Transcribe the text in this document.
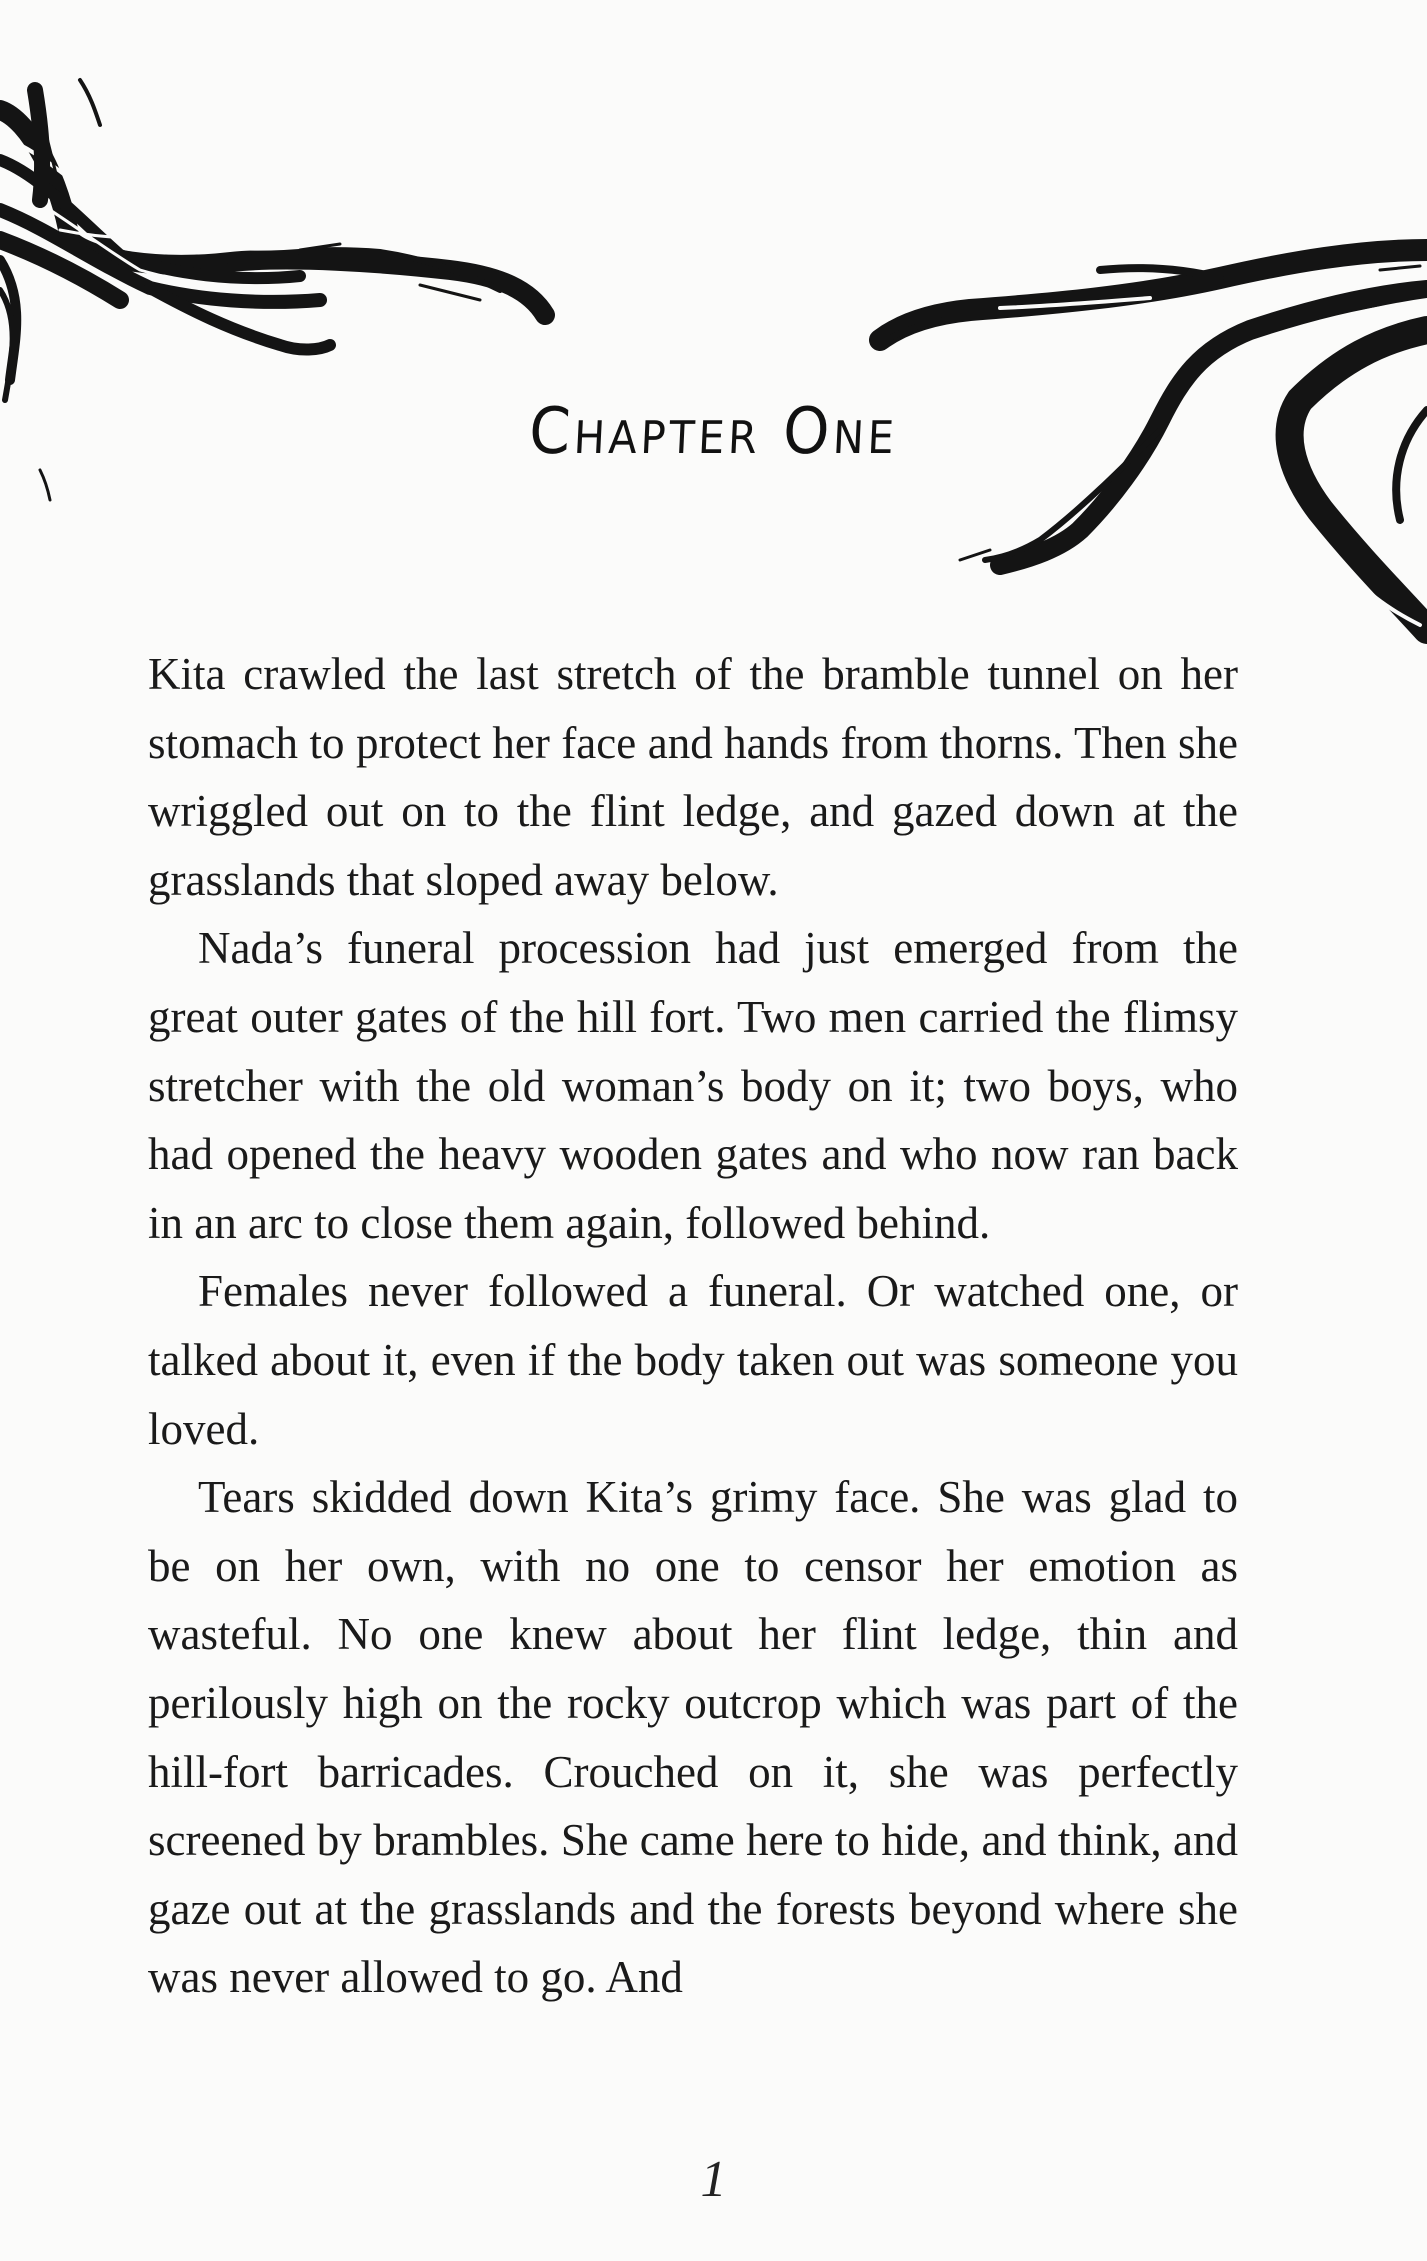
Chapter One

Kita crawled the last stretch of the bramble tunnel on her stomach to protect her face and hands from thorns. Then she wriggled out on to the flint ledge, and gazed down at the grasslands that sloped away below.

Nada’s funeral procession had just emerged from the great outer gates of the hill fort. Two men carried the flimsy stretcher with the old woman’s body on it; two boys, who had opened the heavy wooden gates and who now ran back in an arc to close them again, followed behind.

Females never followed a funeral. Or watched one, or talked about it, even if the body taken out was someone you loved.

Tears skidded down Kita’s grimy face. She was glad to be on her own, with no one to censor her emotion as wasteful. No one knew about her flint ledge, thin and perilously high on the rocky outcrop which was part of the hill-fort barricades. Crouched on it, she was perfectly screened by brambles. She came here to hide, and think, and gaze out at the grasslands and the forests beyond where she was never allowed to go. And

1
